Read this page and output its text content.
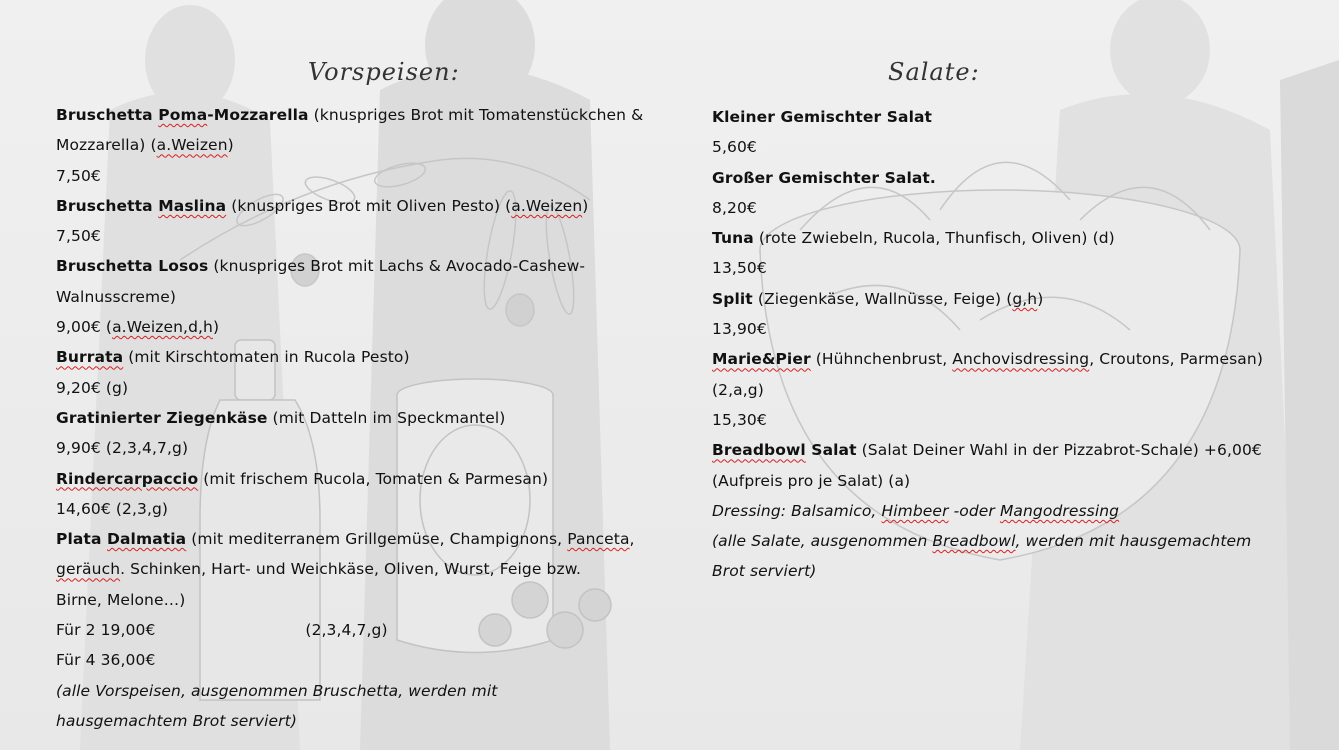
Vorspeisen:
Bruschetta Poma-Mozzarella (knuspriges Brot mit Tomatenstückchen &
Mozzarella) (a.Weizen)
7,50€
Bruschetta Maslina (knuspriges Brot mit Oliven Pesto) (a.Weizen)
7,50€
Bruschetta Losos (knuspriges Brot mit Lachs & Avocado-Cashew-
Walnusscreme)
9,00€ (a.Weizen,d,h)
Burrata (mit Kirschtomaten in Rucola Pesto)
9,20€ (g)
Gratinierter Ziegenkäse (mit Datteln im Speckmantel)
9,90€ (2,3,4,7,g)
Rindercarpaccio (mit frischem Rucola, Tomaten & Parmesan)
14,60€ (2,3,g)
Plata Dalmatia (mit mediterranem Grillgemüse, Champignons, Panceta,
geräuch. Schinken, Hart- und Weichkäse, Oliven, Wurst, Feige bzw.
Birne, Melone…)
Für 2 19,00€	(2,3,4,7,g)
Für 4 36,00€
(alle Vorspeisen, ausgenommen Bruschetta, werden mit
hausgemachtem Brot serviert)
Salate:
Kleiner Gemischter Salat
5,60€
Großer Gemischter Salat.
8,20€
Tuna (rote Zwiebeln, Rucola, Thunfisch, Oliven) (d)
13,50€
Split (Ziegenkäse, Wallnüsse, Feige) (g,h)
13,90€
Marie&Pier (Hühnchenbrust, Anchovisdressing, Croutons, Parmesan)
(2,a,g)
15,30€
Breadbowl Salat (Salat Deiner Wahl in der Pizzabrot-Schale) +6,00€
(Aufpreis pro je Salat) (a)
Dressing: Balsamico, Himbeer -oder Mangodressing
(alle Salate, ausgenommen Breadbowl, werden mit hausgemachtem
Brot serviert)
